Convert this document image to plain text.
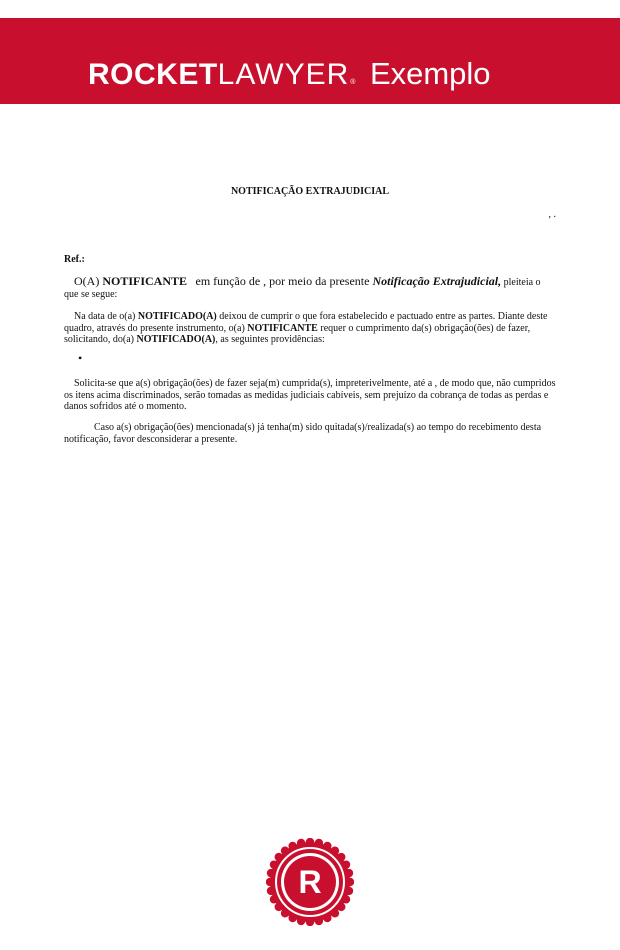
ROCKETLAWYER® Exemplo
NOTIFICAÇÃO EXTRAJUDICIAL
, .
Ref.:

O(A) NOTIFICANTE em função de , por meio da presente Notificação Extrajudicial, pleiteia o que se segue:

Na data de o(a) NOTIFICADO(A) deixou de cumprir o que fora estabelecido e pactuado entre as partes. Diante deste quadro, através do presente instrumento, o(a) NOTIFICANTE requer o cumprimento da(s) obrigação(ões) de fazer, solicitando, do(a) NOTIFICADO(A), as seguintes providências:

•

Solicita-se que a(s) obrigação(ões) de fazer seja(m) cumprida(s), impreterivelmente, até a , de modo que, não cumpridos os itens acima discriminados, serão tomadas as medidas judiciais cabíveis, sem prejuízo da cobrança de todas as perdas e danos sofridos até o momento.

Caso a(s) obrigação(ões) mencionada(s) já tenha(m) sido quitada(s)/realizada(s) ao tempo do recebimento desta notificação, favor desconsiderar a presente.

R
